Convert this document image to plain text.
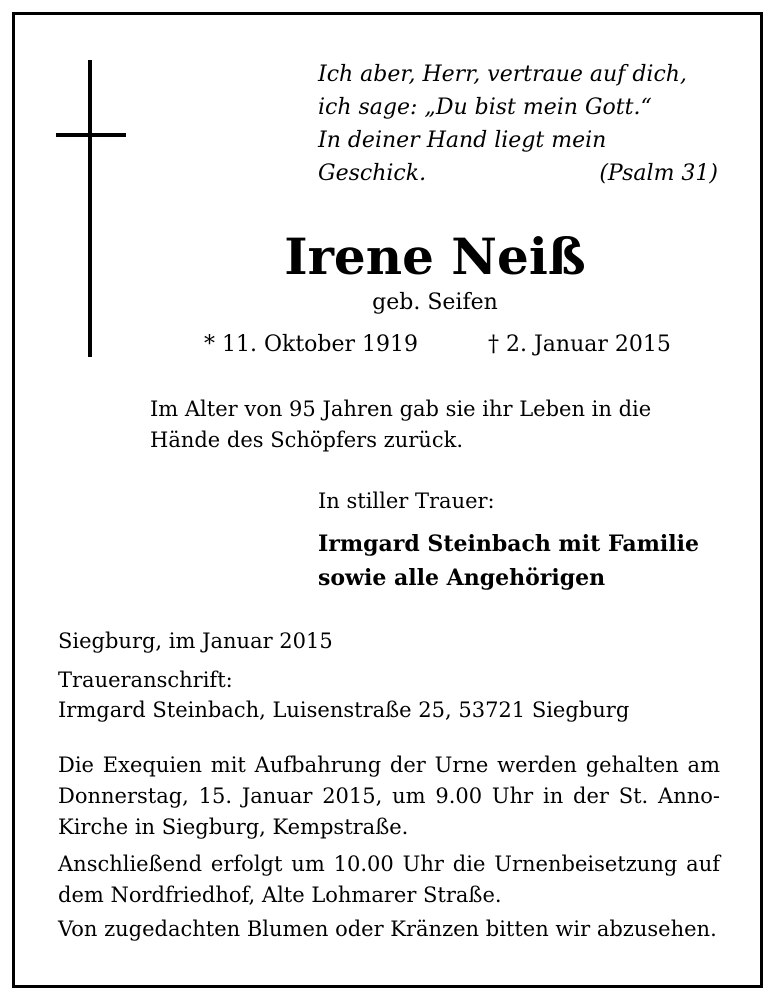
Ich aber, Herr, vertraue auf dich,
ich sage: „Du bist mein Gott.“
In deiner Hand liegt mein Geschick.	(Psalm 31)
Irene Neiß
geb. Seifen
* 11. Oktober 1919	† 2. Januar 2015
Im Alter von 95 Jahren gab sie ihr Leben in die Hände des Schöpfers zurück.
In stiller Trauer:
Irmgard Steinbach mit Familie
sowie alle Angehörigen
Siegburg, im Januar 2015
Traueranschrift:
Irmgard Steinbach, Luisenstraße 25, 53721 Siegburg
Die Exequien mit Aufbahrung der Urne werden gehalten am Donnerstag, 15. Januar 2015, um 9.00 Uhr in der St. Anno-Kirche in Siegburg, Kempstraße.
Anschließend erfolgt um 10.00 Uhr die Urnenbeisetzung auf dem Nordfriedhof, Alte Lohmarer Straße.
Von zugedachten Blumen oder Kränzen bitten wir abzusehen.
